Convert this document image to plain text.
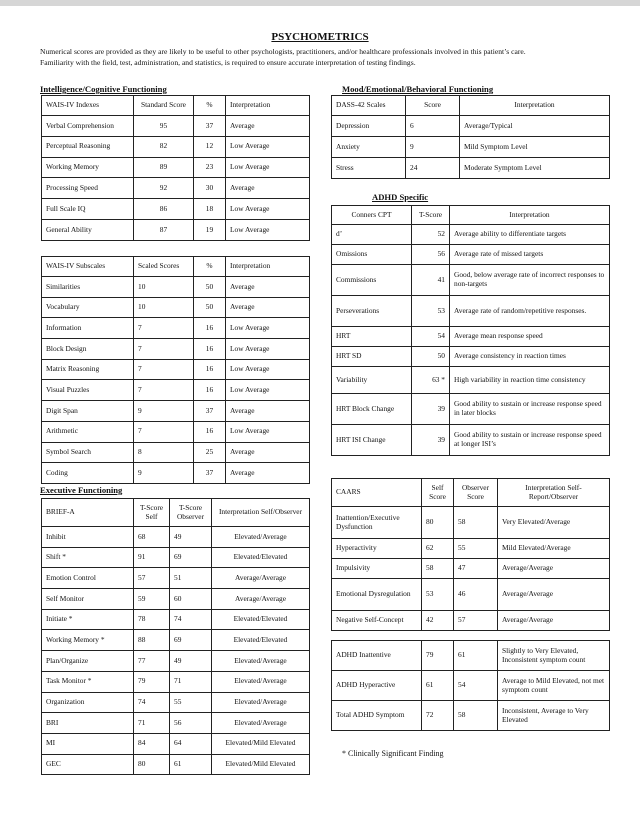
PSYCHOMETRICS
Numerical scores are provided as they are likely to be useful to other psychologists, practitioners, and/or healthcare professionals involved in this patient’s care.
Familiarity with the field, test, administration, and statistics, is required to ensure accurate interpretation of testing findings.
Intelligence/Cognitive Functioning	Mood/Emotional/Behavioral Functioning
ADHD Specific
Executive Functioning
WAIS-IV Indexes	Standard Score	%	Interpretation
Verbal Comprehension	95	37	Average
Perceptual Reasoning	82	12	Low Average
Working Memory	89	23	Low Average
Processing Speed	92	30	Average
Full Scale IQ	86	18	Low Average
General Ability	87	19	Low Average
WAIS-IV Subscales	Scaled Scores	%	Interpretation
Similarities	10	50	Average
Vocabulary	10	50	Average
Information	7	16	Low Average
Block Design	7	16	Low Average
Matrix Reasoning	7	16	Low Average
Visual Puzzles	7	16	Low Average
Digit Span	9	37	Average
Arithmetic	7	16	Low Average
Symbol Search	8	25	Average
Coding	9	37	Average
BRIEF-A	T-Score Self	T-Score Observer	Interpretation Self/Observer
Inhibit	68	49	Elevated/Average
Shift *	91	69	Elevated/Elevated
Emotion Control	57	51	Average/Average
Self Monitor	59	60	Average/Average
Initiate *	78	74	Elevated/Elevated
Working Memory *	88	69	Elevated/Elevated
Plan/Organize	77	49	Elevated/Average
Task Monitor *	79	71	Elevated/Average
Organization	74	55	Elevated/Average
BRI	71	56	Elevated/Average
MI	84	64	Elevated/Mild Elevated
GEC	80	61	Elevated/Mild Elevated
DASS-42 Scales	Score	Interpretation
Depression	6	Average/Typical
Anxiety	9	Mild Symptom Level
Stress	24	Moderate Symptom Level
Conners CPT	T-Score	Interpretation
d’	52	Average ability to differentiate targets
Omissions	56	Average rate of missed targets
Commissions	41	Good, below average rate of incorrect responses to non-targets
Perseverations	53	Average rate of random/repetitive responses.
HRT	54	Average mean response speed
HRT SD	50	Average consistency in reaction times
Variability	63 *	High variability in reaction time consistency
HRT Block Change	39	Good ability to sustain or increase response speed in later blocks
HRT ISI Change	39	Good ability to sustain or increase response speed at longer ISI’s
CAARS	Self Score	Observer Score	Interpretation Self-Report/Observer
Inattention/Executive Dysfunction	80	58	Very Elevated/Average
Hyperactivity	62	55	Mild Elevated/Average
Impulsivity	58	47	Average/Average
Emotional Dysregulation	53	46	Average/Average
Negative Self-Concept	42	57	Average/Average
ADHD Inattentive	79	61	Slightly to Very Elevated, Inconsistent symptom count
ADHD Hyperactive	61	54	Average to Mild Elevated, not met symptom count
Total ADHD Symptom	72	58	Inconsistent, Average to Very Elevated
* Clinically Significant Finding
